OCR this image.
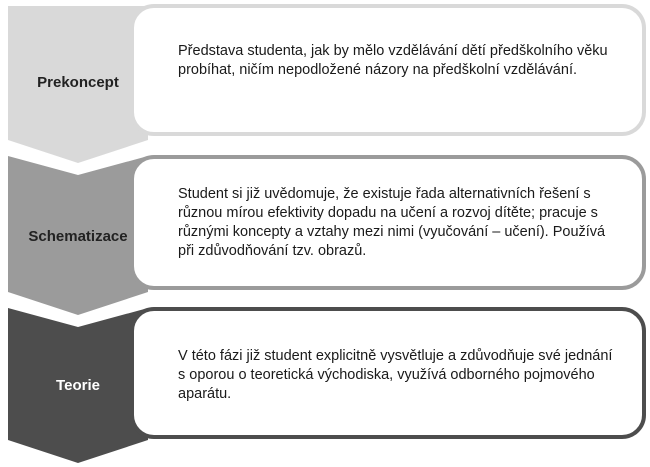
Prekoncept
Schematizace
Teorie
Představa studenta, jak by mělo vzdělávání dětí předškolního věku probíhat, ničím nepodložené názory na předškolní vzdělávání.
Student si již uvědomuje, že existuje řada alternativních řešení s různou mírou efektivity dopadu na učení a rozvoj dítěte; pracuje s různými koncepty a vztahy mezi nimi (vyučování – učení). Používá při zdůvodňování tzv. obrazů.
V této fázi již student explicitně vysvětluje a zdůvodňuje své jednání s oporou o teoretická východiska, využívá odborného pojmového aparátu.
